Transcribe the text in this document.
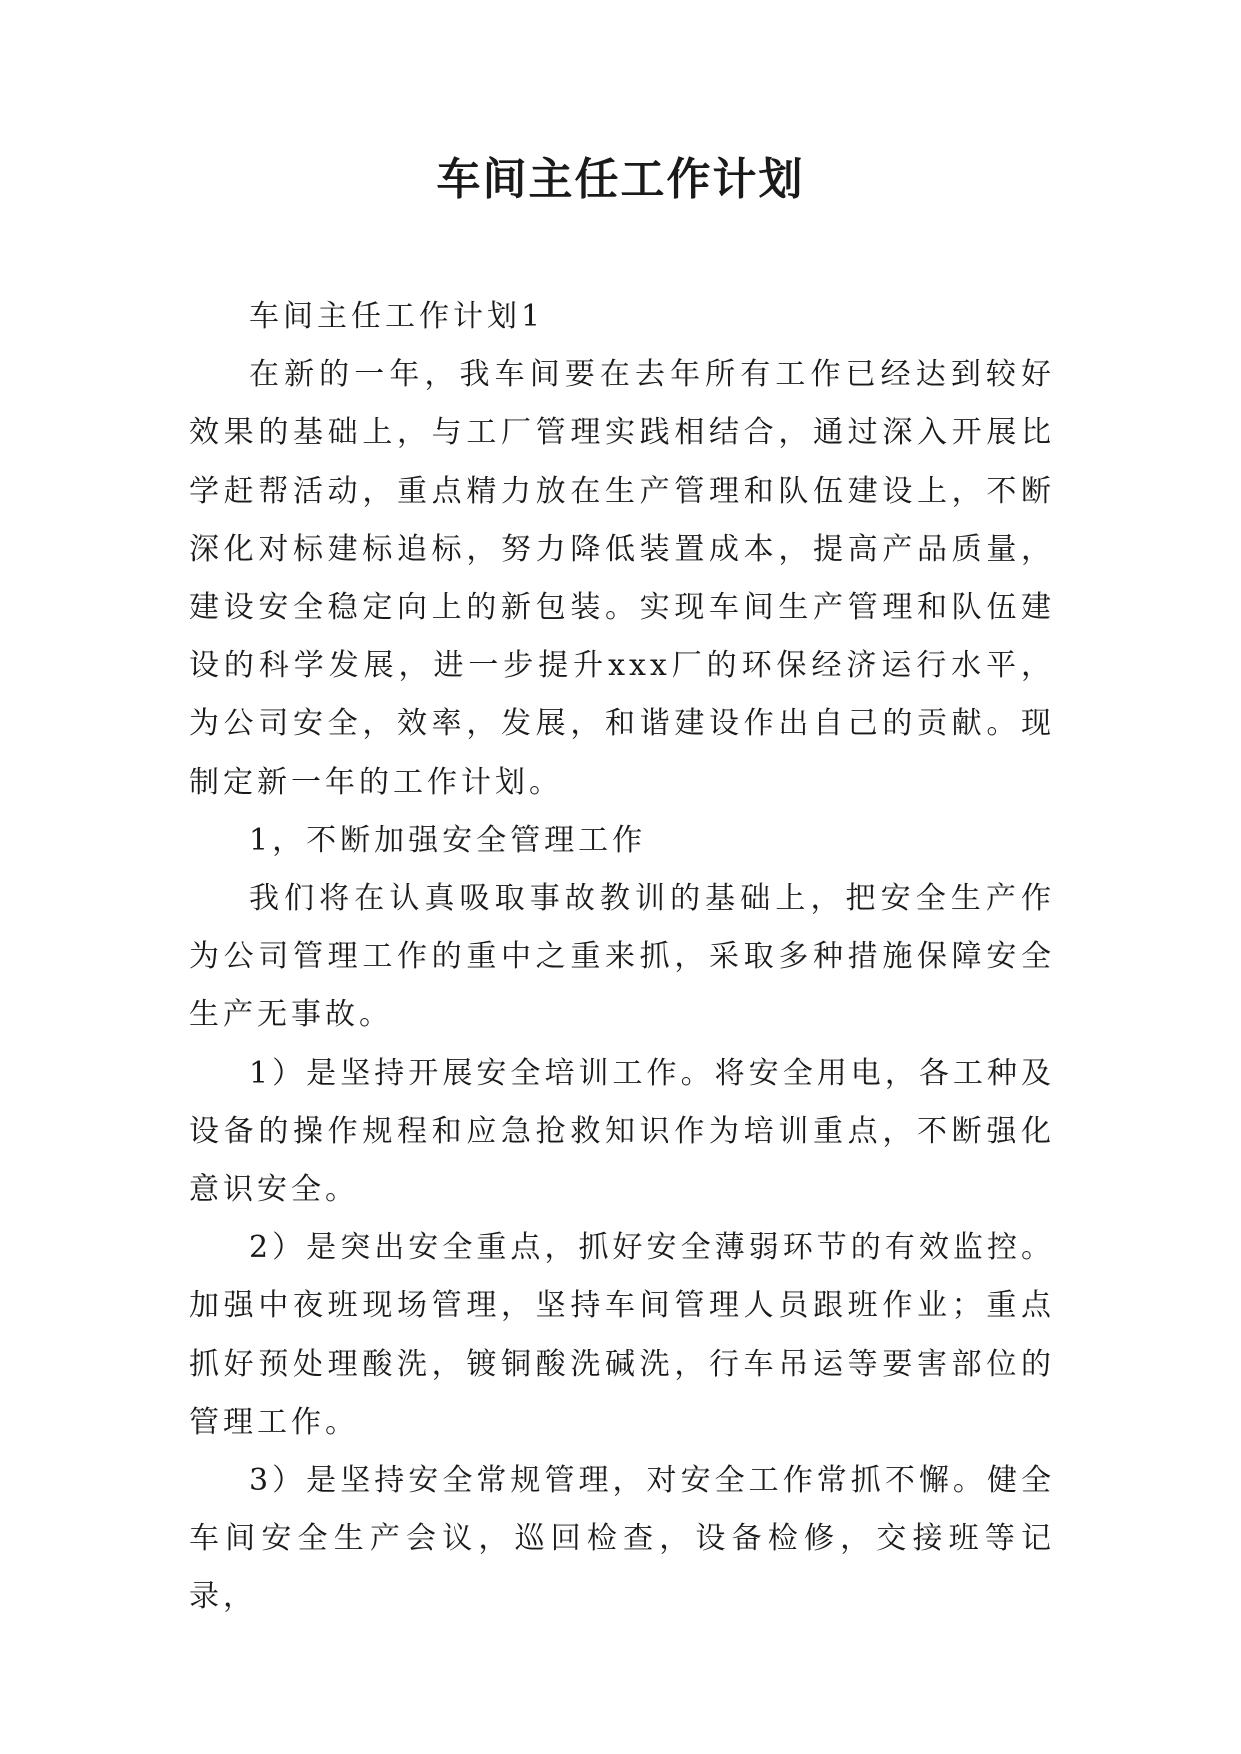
车间主任工作计划

车间主任工作计划1

在新的一年，我车间要在去年所有工作已经达到较好效果的基础上，与工厂管理实践相结合，通过深入开展比学赶帮活动，重点精力放在生产管理和队伍建设上，不断深化对标建标追标，努力降低装置成本，提高产品质量，建设安全稳定向上的新包装。实现车间生产管理和队伍建设的科学发展，进一步提升xxx厂的环保经济运行水平，为公司安全，效率，发展，和谐建设作出自己的贡献。现制定新一年的工作计划。

1，不断加强安全管理工作

我们将在认真吸取事故教训的基础上，把安全生产作为公司管理工作的重中之重来抓，采取多种措施保障安全生产无事故。

1）是坚持开展安全培训工作。将安全用电，各工种及设备的操作规程和应急抢救知识作为培训重点，不断强化意识安全。

2）是突出安全重点，抓好安全薄弱环节的有效监控。加强中夜班现场管理，坚持车间管理人员跟班作业；重点抓好预处理酸洗，镀铜酸洗碱洗，行车吊运等要害部位的管理工作。

3）是坚持安全常规管理，对安全工作常抓不懈。健全车间安全生产会议，巡回检查，设备检修，交接班等记录，
